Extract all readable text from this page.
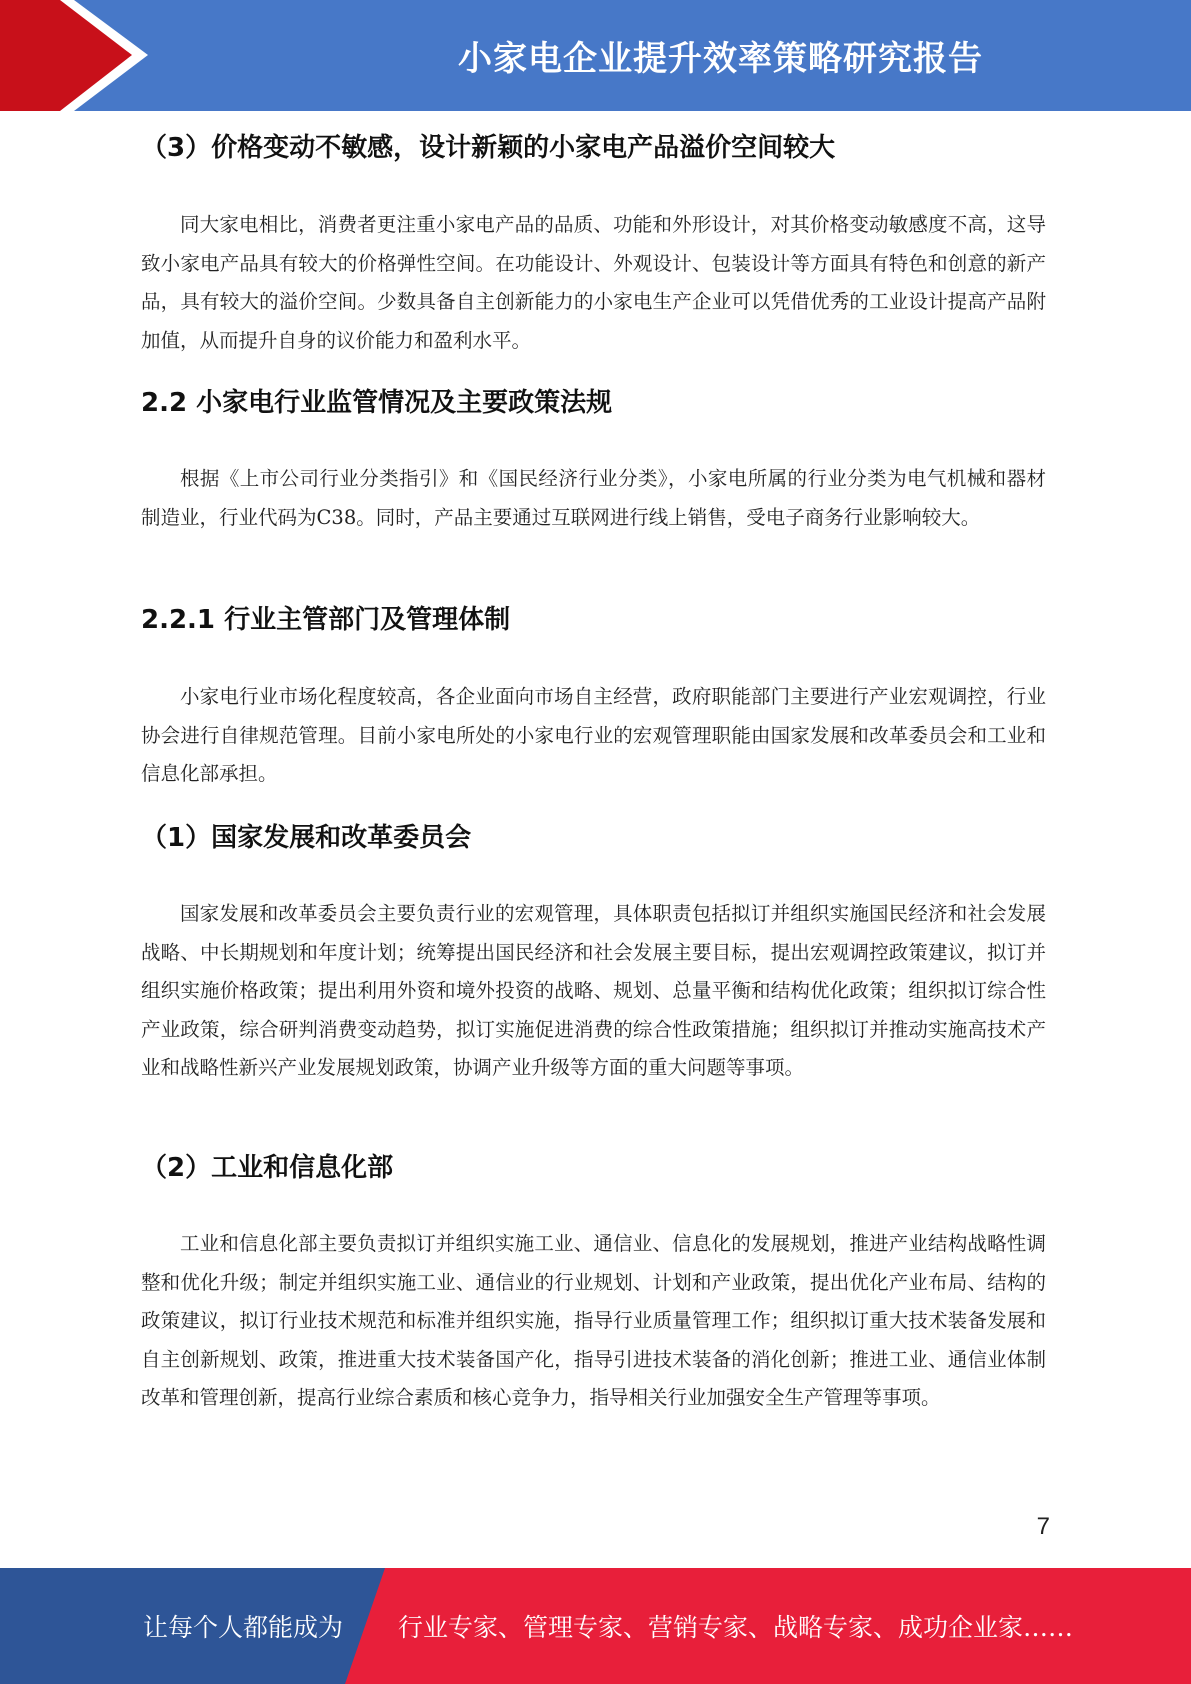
小家电企业提升效率策略研究报告
（3）价格变动不敏感，设计新颖的小家电产品溢价空间较大

同大家电相比，消费者更注重小家电产品的品质、功能和外形设计，对其价格变动敏感度不高，这导致小家电产品具有较大的价格弹性空间。在功能设计、外观设计、包装设计等方面具有特色和创意的新产品，具有较大的溢价空间。少数具备自主创新能力的小家电生产企业可以凭借优秀的工业设计提高产品附加值，从而提升自身的议价能力和盈利水平。

2.2 小家电行业监管情况及主要政策法规

根据《上市公司行业分类指引》和《国民经济行业分类》，小家电所属的行业分类为电气机械和器材制造业，行业代码为C38。同时，产品主要通过互联网进行线上销售，受电子商务行业影响较大。

2.2.1 行业主管部门及管理体制

小家电行业市场化程度较高，各企业面向市场自主经营，政府职能部门主要进行产业宏观调控，行业协会进行自律规范管理。目前小家电所处的小家电行业的宏观管理职能由国家发展和改革委员会和工业和信息化部承担。

（1）国家发展和改革委员会

国家发展和改革委员会主要负责行业的宏观管理，具体职责包括拟订并组织实施国民经济和社会发展战略、中长期规划和年度计划；统筹提出国民经济和社会发展主要目标，提出宏观调控政策建议，拟订并组织实施价格政策；提出利用外资和境外投资的战略、规划、总量平衡和结构优化政策；组织拟订综合性产业政策，综合研判消费变动趋势，拟订实施促进消费的综合性政策措施；组织拟订并推动实施高技术产业和战略性新兴产业发展规划政策，协调产业升级等方面的重大问题等事项。

（2）工业和信息化部

工业和信息化部主要负责拟订并组织实施工业、通信业、信息化的发展规划，推进产业结构战略性调整和优化升级；制定并组织实施工业、通信业的行业规划、计划和产业政策，提出优化产业布局、结构的政策建议，拟订行业技术规范和标准并组织实施，指导行业质量管理工作；组织拟订重大技术装备发展和自主创新规划、政策，推进重大技术装备国产化，指导引进技术装备的消化创新；推进工业、通信业体制改革和管理创新，提高行业综合素质和核心竞争力，指导相关行业加强安全生产管理等事项。

7
让每个人都能成为 行业专家、管理专家、营销专家、战略专家、成功企业家……
